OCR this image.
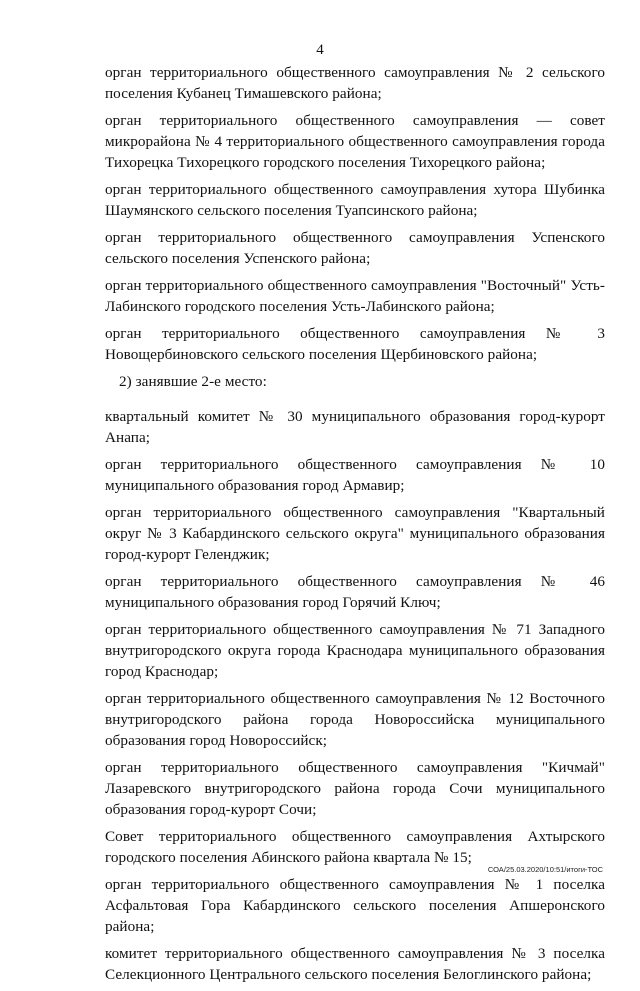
4

орган территориального общественного самоуправления № 2 сельского поселения Кубанец Тимашевского района;

орган территориального общественного самоуправления — совет микрорайона № 4 территориального общественного самоуправления города Тихорецка Тихорецкого городского поселения Тихорецкого района;

орган территориального общественного самоуправления хутора Шубинка Шаумянского сельского поселения Туапсинского района;

орган территориального общественного самоуправления Успенского сельского поселения Успенского района;

орган территориального общественного самоуправления "Восточный" Усть-Лабинского городского поселения Усть-Лабинского района;

орган территориального общественного самоуправления № 3 Новощербиновского сельского поселения Щербиновского района;

2) занявшие 2-е место:

квартальный комитет № 30 муниципального образования город-курорт Анапа;

орган территориального общественного самоуправления № 10 муниципального образования город Армавир;

орган территориального общественного самоуправления "Квартальный округ № 3 Кабардинского сельского округа" муниципального образования город-курорт Геленджик;

орган территориального общественного самоуправления № 46 муниципального образования город Горячий Ключ;

орган территориального общественного самоуправления № 71 Западного внутригородского округа города Краснодара муниципального образования город Краснодар;

орган территориального общественного самоуправления № 12 Восточного внутригородского района города Новороссийска муниципального образования город Новороссийск;

орган территориального общественного самоуправления "Кичмай" Лазаревского внутригородского района города Сочи муниципального образования город-курорт Сочи;

Совет территориального общественного самоуправления Ахтырского городского поселения Абинского района квартала № 15;

орган территориального общественного самоуправления № 1 поселка Асфальтовая Гора Кабардинского сельского поселения Апшеронского района;

комитет территориального общественного самоуправления № 3 поселка Селекционного Центрального сельского поселения Белоглинского района;

СОА/25.03.2020/10:51/итоги-ТОС
